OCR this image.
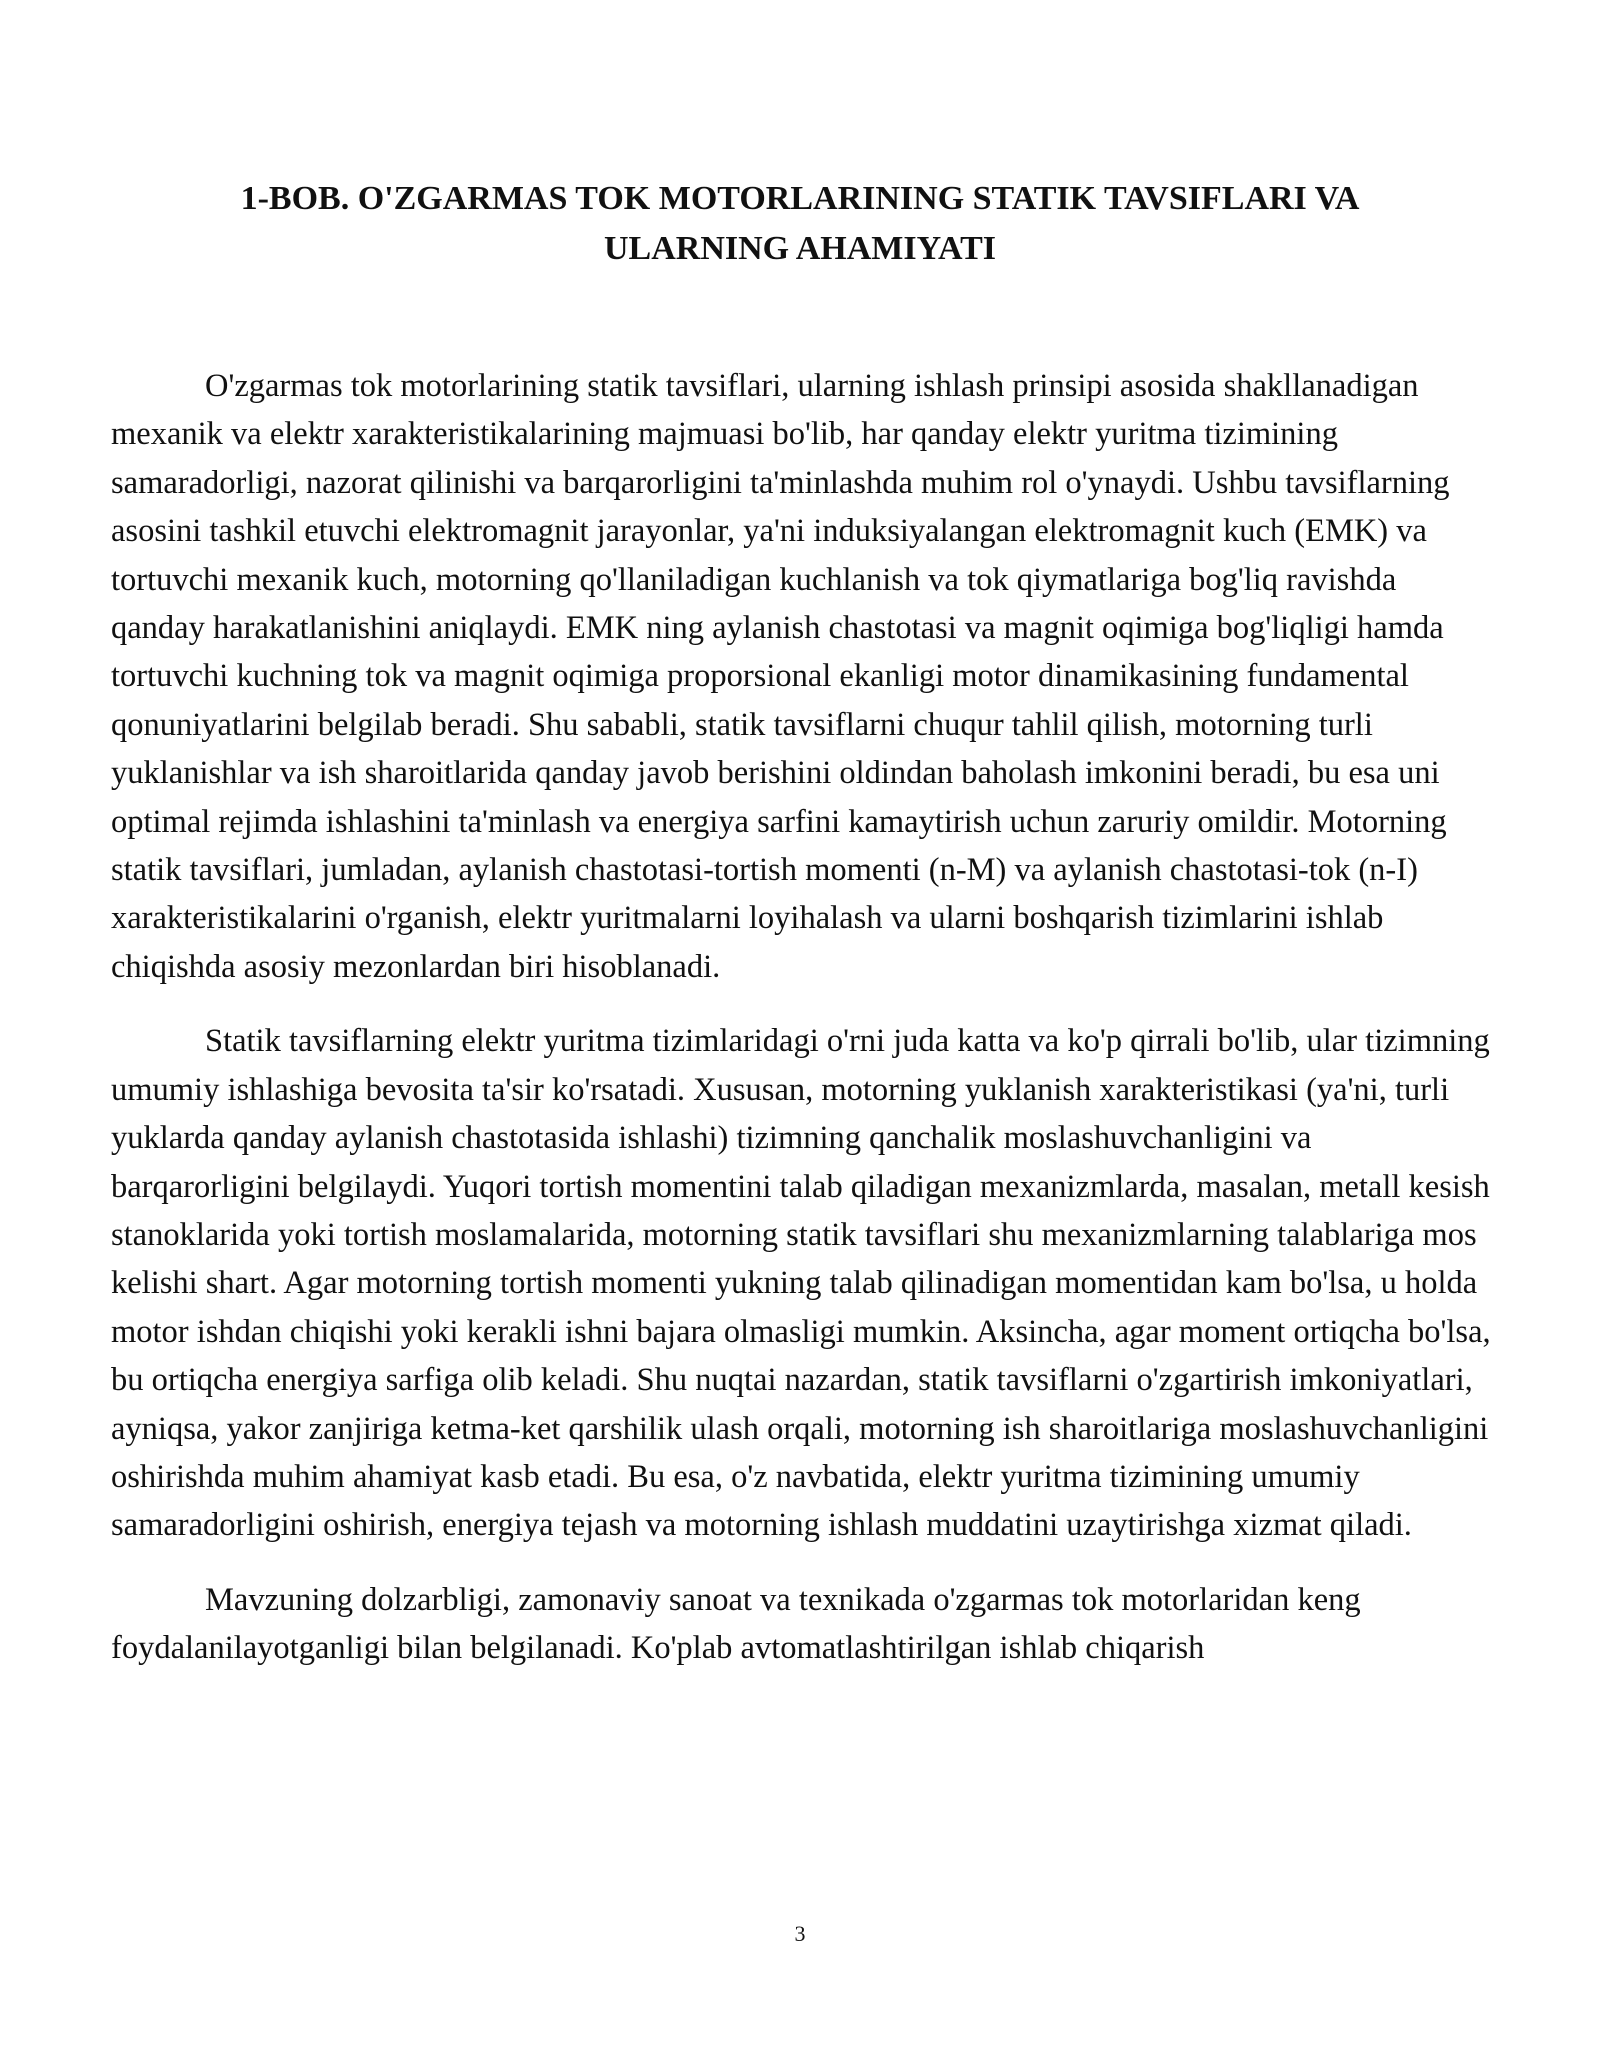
1-BOB. O'ZGARMAS TOK MOTORLARINING STATIK TAVSIFLARI VA
ULARNING AHAMIYATI

O'zgarmas tok motorlarining statik tavsiflari, ularning ishlash prinsipi asosida shakllanadigan mexanik va elektr xarakteristikalarining majmuasi bo'lib, har qanday elektr yuritma tizimining samaradorligi, nazorat qilinishi va barqarorligini ta'minlashda muhim rol o'ynaydi. Ushbu tavsiflarning asosini tashkil etuvchi elektromagnit jarayonlar, ya'ni induksiyalangan elektromagnit kuch (EMK) va tortuvchi mexanik kuch, motorning qo'llaniladigan kuchlanish va tok qiymatlariga bog'liq ravishda qanday harakatlanishini aniqlaydi. EMK ning aylanish chastotasi va magnit oqimiga bog'liqligi hamda tortuvchi kuchning tok va magnit oqimiga proporsional ekanligi motor dinamikasining fundamental qonuniyatlarini belgilab beradi. Shu sababli, statik tavsiflarni chuqur tahlil qilish, motorning turli yuklanishlar va ish sharoitlarida qanday javob berishini oldindan baholash imkonini beradi, bu esa uni optimal rejimda ishlashini ta'minlash va energiya sarfini kamaytirish uchun zaruriy omildir. Motorning statik tavsiflari, jumladan, aylanish chastotasi-tortish momenti (n-M) va aylanish chastotasi-tok (n-I) xarakteristikalarini o'rganish, elektr yuritmalarni loyihalash va ularni boshqarish tizimlarini ishlab chiqishda asosiy mezonlardan biri hisoblanadi.

Statik tavsiflarning elektr yuritma tizimlaridagi o'rni juda katta va ko'p qirrali bo'lib, ular tizimning umumiy ishlashiga bevosita ta'sir ko'rsatadi. Xususan, motorning yuklanish xarakteristikasi (ya'ni, turli yuklarda qanday aylanish chastotasida ishlashi) tizimning qanchalik moslashuvchanligini va barqarorligini belgilaydi. Yuqori tortish momentini talab qiladigan mexanizmlarda, masalan, metall kesish stanoklarida yoki tortish moslamalarida, motorning statik tavsiflari shu mexanizmlarning talablariga mos kelishi shart. Agar motorning tortish momenti yukning talab qilinadigan momentidan kam bo'lsa, u holda motor ishdan chiqishi yoki kerakli ishni bajara olmasligi mumkin. Aksincha, agar moment ortiqcha bo'lsa, bu ortiqcha energiya sarfiga olib keladi. Shu nuqtai nazardan, statik tavsiflarni o'zgartirish imkoniyatlari, ayniqsa, yakor zanjiriga ketma-ket qarshilik ulash orqali, motorning ish sharoitlariga moslashuvchanligini oshirishda muhim ahamiyat kasb etadi. Bu esa, o'z navbatida, elektr yuritma tizimining umumiy samaradorligini oshirish, energiya tejash va motorning ishlash muddatini uzaytirishga xizmat qiladi.

Mavzuning dolzarbligi, zamonaviy sanoat va texnikada o'zgarmas tok motorlaridan keng foydalanilayotganligi bilan belgilanadi. Ko'plab avtomatlashtirilgan ishlab chiqarish

3
